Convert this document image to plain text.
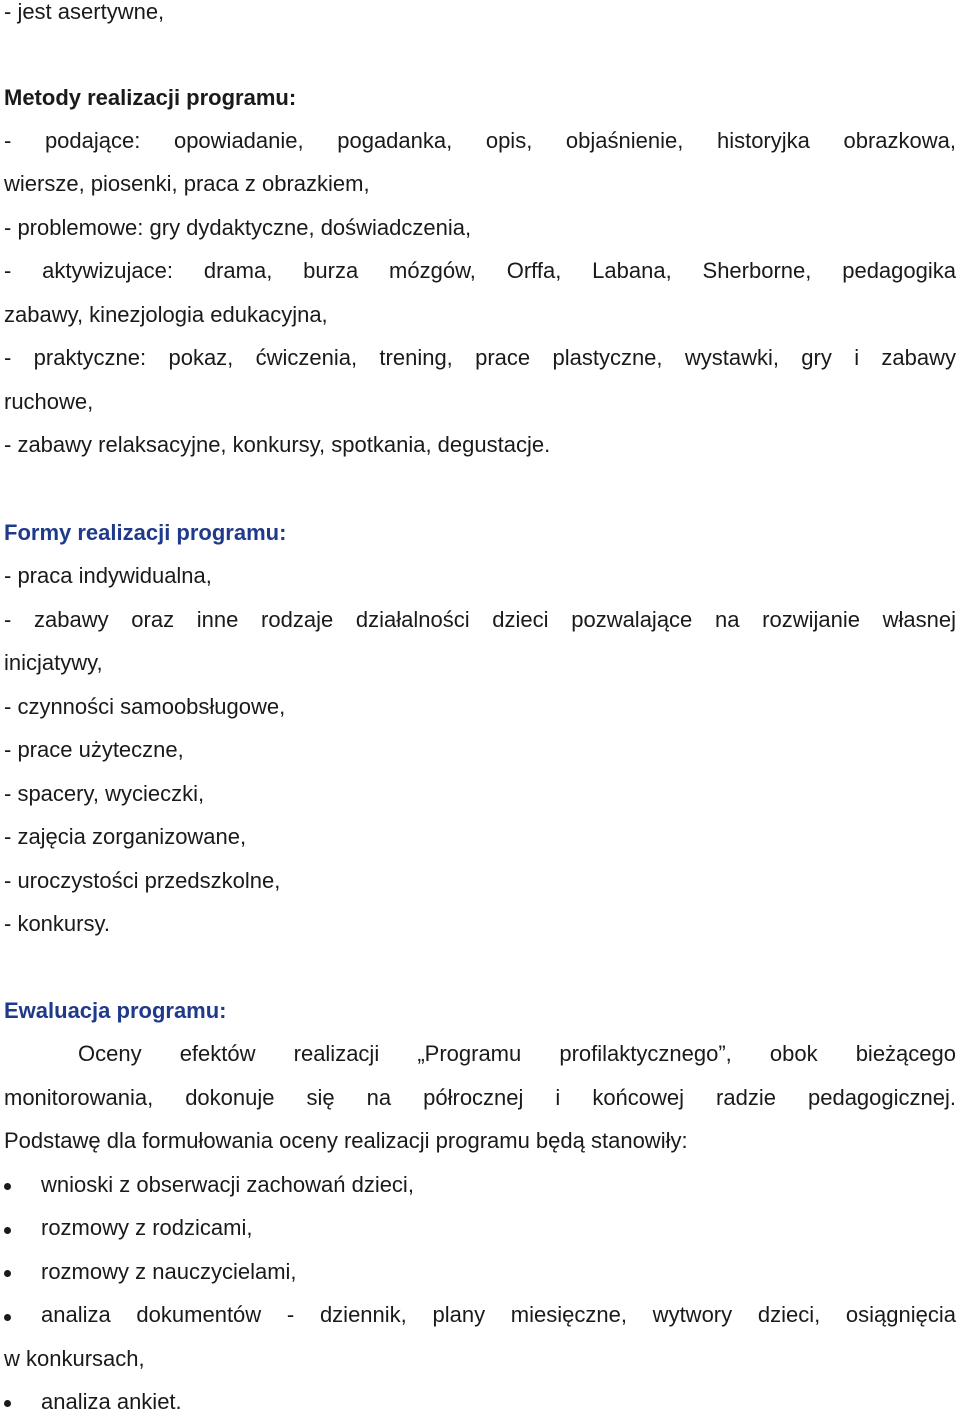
- jest asertywne,
Metody realizacji programu:
- podające: opowiadanie, pogadanka, opis, objaśnienie, historyjka obrazkowa,
wiersze, piosenki, praca z obrazkiem,
- problemowe: gry dydaktyczne, doświadczenia,
- aktywizujace: drama, burza mózgów, Orffa, Labana, Sherborne, pedagogika
zabawy, kinezjologia edukacyjna,
- praktyczne: pokaz, ćwiczenia, trening, prace plastyczne, wystawki, gry i zabawy
ruchowe,
- zabawy relaksacyjne, konkursy, spotkania, degustacje.
Formy realizacji programu:
- praca indywidualna,
- zabawy oraz inne rodzaje działalności dzieci pozwalające na rozwijanie własnej
inicjatywy,
- czynności samoobsługowe,
- prace użyteczne,
- spacery, wycieczki,
- zajęcia zorganizowane,
- uroczystości przedszkolne,
- konkursy.
Ewaluacja programu:
Oceny efektów realizacji „Programu profilaktycznego”, obok bieżącego
monitorowania, dokonuje się na półrocznej i końcowej radzie pedagogicznej.
Podstawę dla formułowania oceny realizacji programu będą stanowiły:
wnioski z obserwacji zachowań dzieci,
rozmowy z rodzicami,
rozmowy z nauczycielami,
analiza dokumentów - dziennik, plany miesięczne, wytwory dzieci, osiągnięcia
w konkursach,
analiza ankiet.
